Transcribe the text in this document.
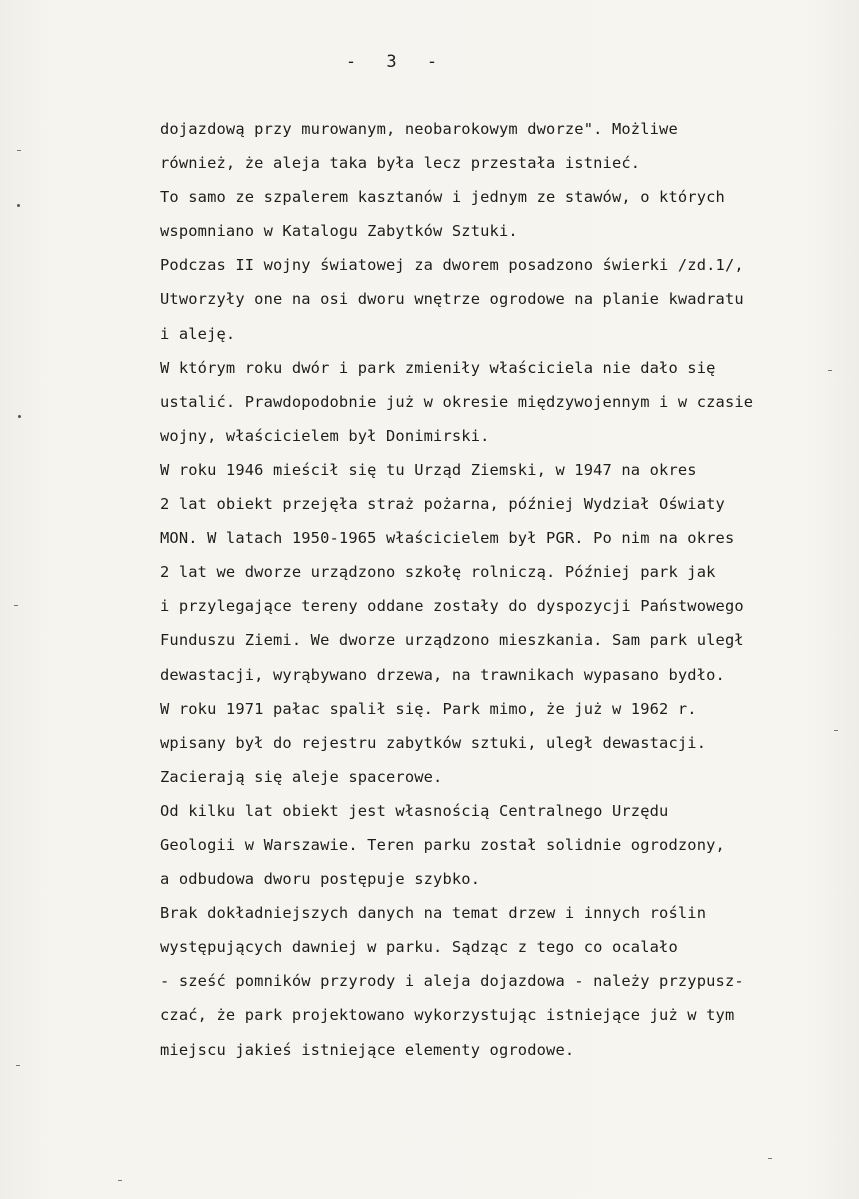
- 3 -
dojazdową przy murowanym, neobarokowym dworze". Możliwe
również, że aleja taka była lecz przestała istnieć.
To samo ze szpalerem kasztanów i jednym ze stawów, o których
wspomniano w Katalogu Zabytków Sztuki.
Podczas II wojny światowej za dworem posadzono świerki /zd.1/,
Utworzyły one na osi dworu wnętrze ogrodowe na planie kwadratu
i aleję.
W którym roku dwór i park zmieniły właściciela nie dało się
ustalić. Prawdopodobnie już w okresie międzywojennym i w czasie
wojny, właścicielem był Donimirski.
W roku 1946 mieścił się tu Urząd Ziemski, w 1947 na okres
2 lat obiekt przejęła straż pożarna, później Wydział Oświaty
MON. W latach 1950-1965 właścicielem był PGR. Po nim na okres
2 lat we dworze urządzono szkołę rolniczą. Później park jak
i przylegające tereny oddane zostały do dyspozycji Państwowego
Funduszu Ziemi. We dworze urządzono mieszkania. Sam park uległ
dewastacji, wyrąbywano drzewa, na trawnikach wypasano bydło.
W roku 1971 pałac spalił się. Park mimo, że już w 1962 r.
wpisany był do rejestru zabytków sztuki, uległ dewastacji.
Zacierają się aleje spacerowe.
Od kilku lat obiekt jest własnością Centralnego Urzędu
Geologii w Warszawie. Teren parku został solidnie ogrodzony,
a odbudowa dworu postępuje szybko.
Brak dokładniejszych danych na temat drzew i innych roślin
występujących dawniej w parku. Sądząc z tego co ocalało
- sześć pomników przyrody i aleja dojazdowa - należy przypusz-
czać, że park projektowano wykorzystując istniejące już w tym
miejscu jakieś istniejące elementy ogrodowe.
